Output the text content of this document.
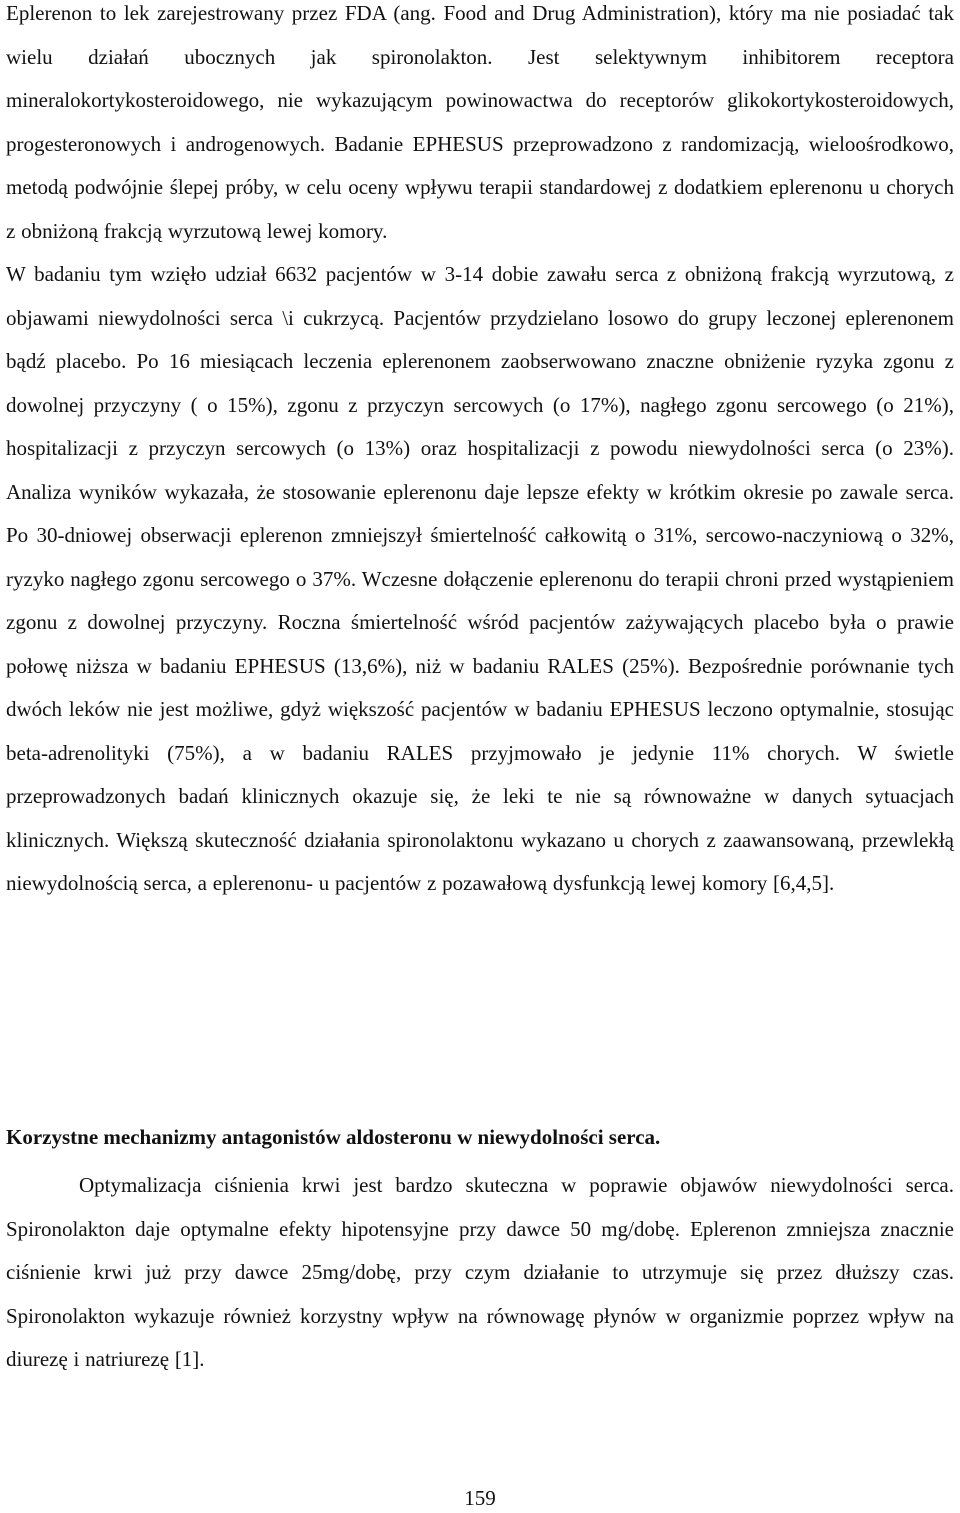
Eplerenon to lek zarejestrowany przez FDA (ang. Food and Drug Administration), który ma nie posiadać tak wielu działań ubocznych jak spironolakton. Jest selektywnym inhibitorem receptora mineralokortykosteroidowego, nie wykazującym powinowactwa do receptorów glikokortykosteroidowych, progesteronowych i androgenowych. Badanie EPHESUS przeprowadzono z randomizacją, wieloośrodkowo, metodą podwójnie ślepej próby, w celu oceny wpływu terapii standardowej z dodatkiem eplerenonu u chorych z obniżoną frakcją wyrzutową lewej komory.

W badaniu tym wzięło udział 6632 pacjentów w 3-14 dobie zawału serca z obniżoną frakcją wyrzutową, z objawami niewydolności serca \i cukrzycą. Pacjentów przydzielano losowo do grupy leczonej eplerenonem bądź placebo. Po 16 miesiącach leczenia eplerenonem zaobserwowano znaczne obniżenie ryzyka zgonu z dowolnej przyczyny ( o 15%), zgonu z przyczyn sercowych (o 17%), nagłego zgonu sercowego (o 21%), hospitalizacji z przyczyn sercowych (o 13%) oraz hospitalizacji z powodu niewydolności serca (o 23%). Analiza wyników wykazała, że stosowanie eplerenonu daje lepsze efekty w krótkim okresie po zawale serca. Po 30-dniowej obserwacji eplerenon zmniejszył śmiertelność całkowitą o 31%, sercowo-naczyniową o 32%, ryzyko nagłego zgonu sercowego o 37%. Wczesne dołączenie eplerenonu do terapii chroni przed wystąpieniem zgonu z dowolnej przyczyny. Roczna śmiertelność wśród pacjentów zażywających placebo była o prawie połowę niższa w badaniu EPHESUS (13,6%), niż w badaniu RALES (25%). Bezpośrednie porównanie tych dwóch leków nie jest możliwe, gdyż większość pacjentów w badaniu EPHESUS leczono optymalnie, stosując beta-adrenolityki (75%), a w badaniu RALES przyjmowało je jedynie 11% chorych. W świetle przeprowadzonych badań klinicznych okazuje się, że leki te nie są równoważne w danych sytuacjach klinicznych. Większą skuteczność działania spironolaktonu wykazano u chorych z zaawansowaną, przewlekłą niewydolnością serca, a eplerenonu- u pacjentów z pozawałową dysfunkcją lewej komory [6,4,5].

Korzystne mechanizmy antagonistów aldosteronu w niewydolności serca.

Optymalizacja ciśnienia krwi jest bardzo skuteczna w poprawie objawów niewydolności serca. Spironolakton daje optymalne efekty hipotensyjne przy dawce 50 mg/dobę. Eplerenon zmniejsza znacznie ciśnienie krwi już przy dawce 25mg/dobę, przy czym działanie to utrzymuje się przez dłuższy czas. Spironolakton wykazuje również korzystny wpływ na równowagę płynów w organizmie poprzez wpływ na diurezę i natriurezę [1].

159
